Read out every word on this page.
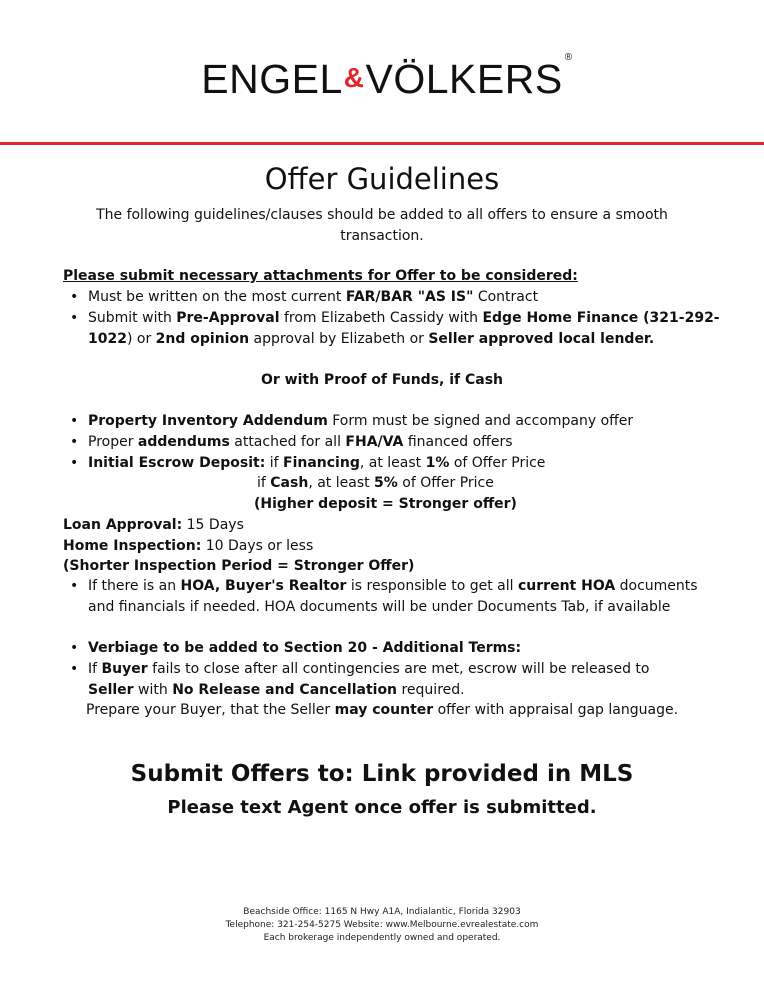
ENGEL&VÖLKERS ®
Offer Guidelines
The following guidelines/clauses should be added to all offers to ensure a smooth transaction.
Please submit necessary attachments for Offer to be considered:
• Must be written on the most current FAR/BAR "AS IS" Contract
• Submit with Pre-Approval from Elizabeth Cassidy with Edge Home Finance (321-292-
1022) or 2nd opinion approval by Elizabeth or Seller approved local lender.
Or with Proof of Funds, if Cash
• Property Inventory Addendum Form must be signed and accompany offer
• Proper addendums attached for all FHA/VA financed offers
• Initial Escrow Deposit: if Financing, at least 1% of Offer Price
if Cash, at least 5% of Offer Price
(Higher deposit = Stronger offer)
Loan Approval: 15 Days
Home Inspection: 10 Days or less
(Shorter Inspection Period = Stronger Offer)
• If there is an HOA, Buyer's Realtor is responsible to get all current HOA documents
and financials if needed. HOA documents will be under Documents Tab, if available
• Verbiage to be added to Section 20 - Additional Terms:
• If Buyer fails to close after all contingencies are met, escrow will be released to
Seller with No Release and Cancellation required.
Prepare your Buyer, that the Seller may counter offer with appraisal gap language.
Submit Offers to: Link provided in MLS
Please text Agent once offer is submitted.
Beachside Office: 1165 N Hwy A1A, Indialantic, Florida 32903
Telephone: 321-254-5275 Website: www.Melbourne.evrealestate.com
Each brokerage independently owned and operated.
